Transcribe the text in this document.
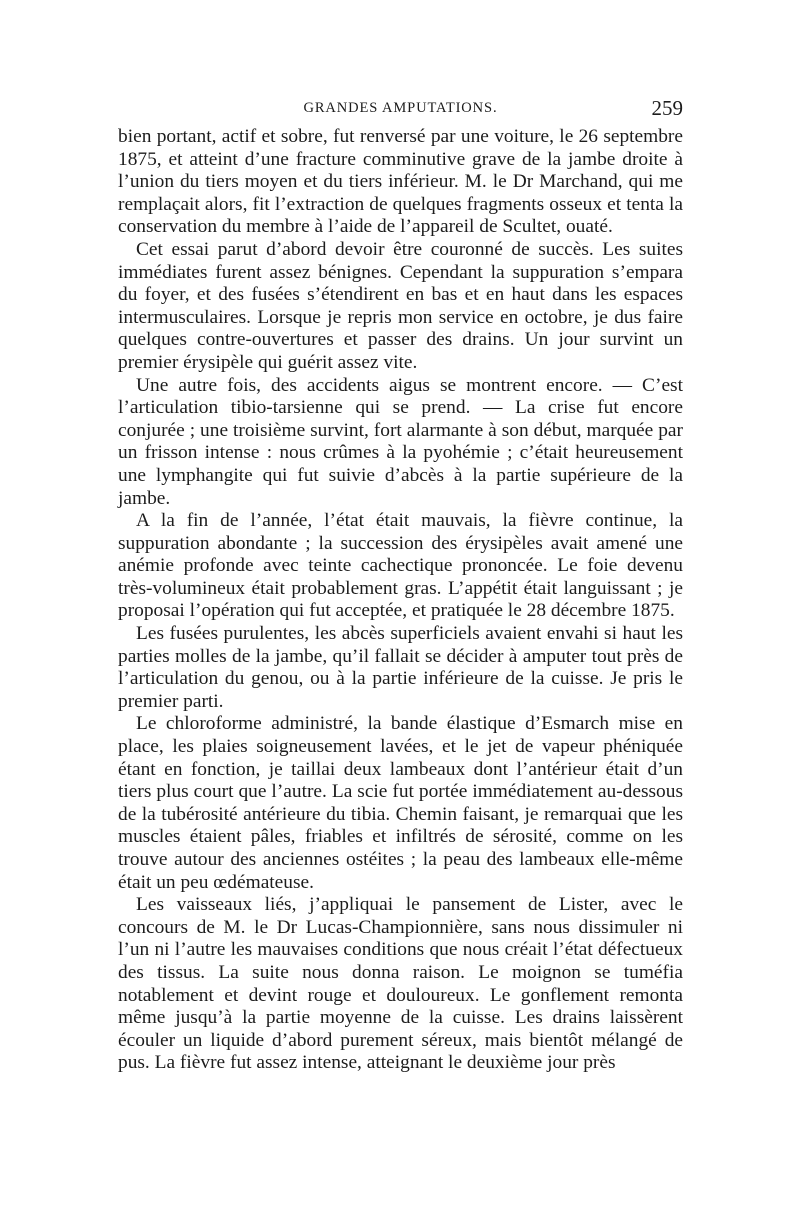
GRANDES AMPUTATIONS.	259

bien portant, actif et sobre, fut renversé par une voiture, le 26 septembre 1875, et atteint d’une fracture comminutive grave de la jambe droite à l’union du tiers moyen et du tiers inférieur. M. le Dr Marchand, qui me remplaçait alors, fit l’extraction de quelques fragments osseux et tenta la conservation du membre à l’aide de l’appareil de Scultet, ouaté.

Cet essai parut d’abord devoir être couronné de succès. Les suites immédiates furent assez bénignes. Cependant la suppuration s’empara du foyer, et des fusées s’étendirent en bas et en haut dans les espaces intermusculaires. Lorsque je repris mon service en octobre, je dus faire quelques contre-ouvertures et passer des drains. Un jour survint un premier érysipèle qui guérit assez vite.

Une autre fois, des accidents aigus se montrent encore. — C’est l’articulation tibio-tarsienne qui se prend. — La crise fut encore conjurée ; une troisième survint, fort alarmante à son début, marquée par un frisson intense : nous crûmes à la pyohémie ; c’était heureusement une lymphangite qui fut suivie d’abcès à la partie supérieure de la jambe.

A la fin de l’année, l’état était mauvais, la fièvre continue, la suppuration abondante ; la succession des érysipèles avait amené une anémie profonde avec teinte cachectique prononcée. Le foie devenu très-volumineux était probablement gras. L’appétit était languissant ; je proposai l’opération qui fut acceptée, et pratiquée le 28 décembre 1875.

Les fusées purulentes, les abcès superficiels avaient envahi si haut les parties molles de la jambe, qu’il fallait se décider à amputer tout près de l’articulation du genou, ou à la partie inférieure de la cuisse. Je pris le premier parti.

Le chloroforme administré, la bande élastique d’Esmarch mise en place, les plaies soigneusement lavées, et le jet de vapeur phéniquée étant en fonction, je taillai deux lambeaux dont l’antérieur était d’un tiers plus court que l’autre. La scie fut portée immédiatement au-dessous de la tubérosité antérieure du tibia. Chemin faisant, je remarquai que les muscles étaient pâles, friables et infiltrés de sérosité, comme on les trouve autour des anciennes ostéites ; la peau des lambeaux elle-même était un peu œdémateuse.

Les vaisseaux liés, j’appliquai le pansement de Lister, avec le concours de M. le Dr Lucas-Championnière, sans nous dissimuler ni l’un ni l’autre les mauvaises conditions que nous créait l’état défectueux des tissus. La suite nous donna raison. Le moignon se tuméfia notablement et devint rouge et douloureux. Le gonflement remonta même jusqu’à la partie moyenne de la cuisse. Les drains laissèrent écouler un liquide d’abord purement séreux, mais bientôt mélangé de pus. La fièvre fut assez intense, atteignant le deuxième jour près
